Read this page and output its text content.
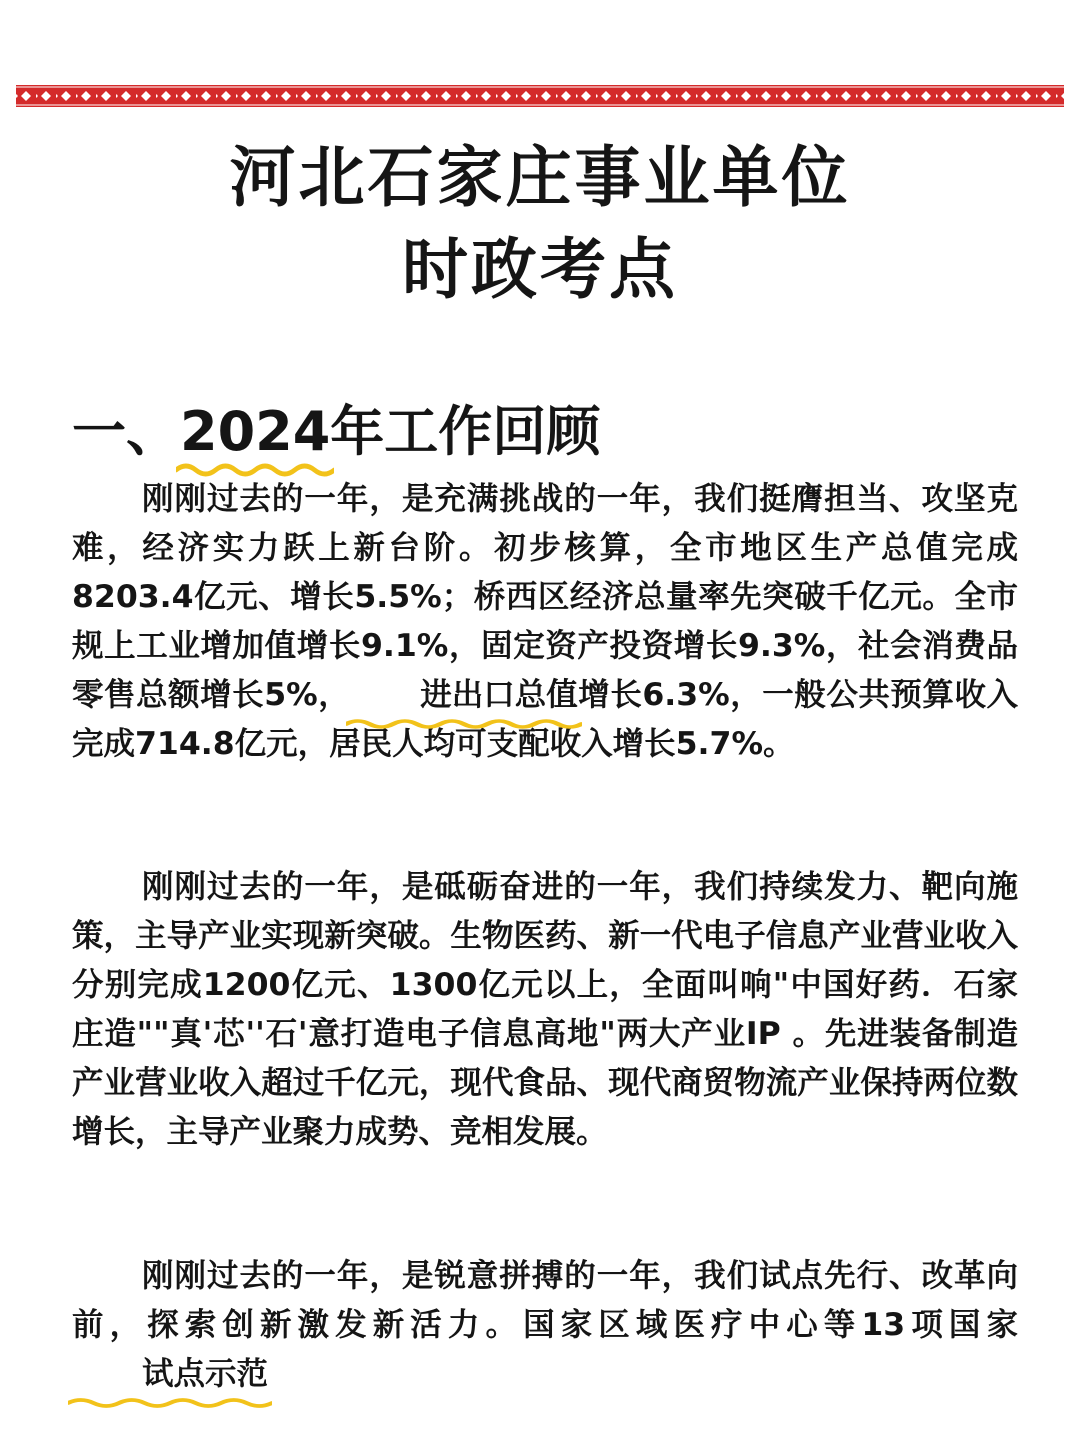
河北石家庄事业单位
时政考点
一、2024
年工作回顾

刚刚过去的一年，是充满挑战的一年，我们挺膺担当、攻坚克难，经济实力跃上新台阶。初步核算，全市地区生产总值完成8203.4亿元、增长5.5%；桥西区经济总量率先突破千亿元。全市规上工业增加值增长9.1%，固定资产投资增长9.3%，社会消费品零售总额增长5%， 进出口总值
增长6.3%，一般公共预算收入完成714.8亿元，居民人均可支配收入增长5.7%。

刚刚过去的一年，是砥砺奋进的一年，我们持续发力、靶向施策，主导产业实现新突破。生物医药、新一代电子信息产业营业收入分别完成1200亿元、1300亿元以上，全面叫响"中国好药．石家庄造""真'芯''石'意打造电子信息高地"两大产业IP 。先进装备制造产业营业收入超过千亿元，现代食品、现代商贸物流产业保持两位数增长，主导产业聚力成势、竞相发展。

刚刚过去的一年，是锐意拼搏的一年，我们试点先行、改革向前，探索创新激发新活力。国家区域医疗中心等13项国家试点示范
